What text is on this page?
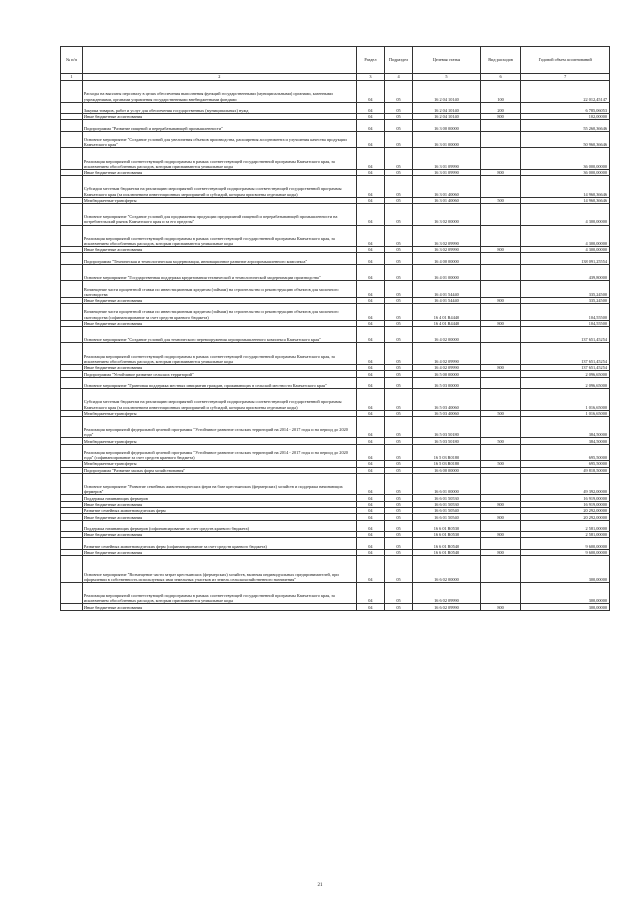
№ п/п		Раздел	Подраздел	Целевая статья	Вид расходов	Годовой объем ассигнований
1	2	3	4	5	6	7
	Расходы на выплаты персоналу в целях обеспечения выполнения функций государственными (муниципальными) органами, казенными учреждениями, органами управления государственными внебюджетными фондами	04	05	16 2 04 10140	100	22 012,45147
	Закупка товаров, работ и услуг для обеспечения государственных (муниципальных) нужд	04	05	16 2 04 10140	200	6 785,06053
	Иные бюджетные ассигнования	04	05	16 2 04 10140	800	102,00000
	Подпрограмма "Развитие пищевой и перерабатывающей промышленности"	04	05	16 3 00 00000		55 260,36646
	Основное мероприятие "Создание условий для увеличения объемов производства, расширения ассортимента и улучшения качества продукции Камчатского края"	04	05	16 3 01 00000		50 960,36646
	Реализация мероприятий соответствующей подпрограммы в рамках соответствующей государственной программы Камчатского края, за исключением обособленных расходов, которым присваиваются уникальные коды	04	05	16 3 01 09990		36 000,00000
	Иные бюджетные ассигнования	04	05	16 3 01 09990	800	36 000,00000
	Субсидии местным бюджетам на реализацию мероприятий соответствующей подпрограммы соответствующей государственной программы Камчатского края (за исключением инвестиционных мероприятий и субсидий, которым присвоены отдельные коды)	04	05	16 3 01 40060		14 960,36646
	Межбюджетные трансферты	04	05	16 3 01 40060	500	14 960,36646
	Основное мероприятие "Создание условий для продвижения продукции предприятий пищевой и перерабатывающей промышленности на потребительский рынок Камчатского края и за его пределы"	04	05	16 3 02 00000		4 300,00000
	Реализация мероприятий соответствующей подпрограммы в рамках соответствующей государственной программы Камчатского края, за исключением обособленных расходов, которым присваиваются уникальные коды	04	05	16 3 02 09990		4 300,00000
	Иные бюджетные ассигнования	04	05	16 3 02 09990	800	4 300,00000
	Подпрограмма "Техническая и технологическая модернизация, инновационное развитие агропромышленного комплекса"	04	05	16 4 00 00000		138 091,25554
	Основное мероприятие "Государственная поддержка кредитования технической и технологической модернизации производства"	04	05	16 4 01 00000		439,80000
	Возмещение части процентной ставки по инвестиционным кредитам (займам) на строительство и реконструкцию объектов для молочного скотоводства	04	05	16 4 01 54440		335,24500
	Иные бюджетные ассигнования	04	05	16 4 01 54440	800	335,24500
	Возмещение части процентной ставки по инвестиционным кредитам (займам) на строительство и реконструкцию объектов для молочного скотоводства (софинансирование за счет средств краевого бюджета)	04	05	16 4 01 R4440		104,55500
	Иные бюджетные ассигнования	04	05	16 4 01 R4440	800	104,55500
	Основное мероприятие "Создание условий для технического перевооружения агропромышленного комплекса Камчатского края"	04	05	16 4 02 00000		137 651,45254
	Реализация мероприятий соответствующей подпрограммы в рамках соответствующей государственной программы Камчатского края, за исключением обособленных расходов, которым присваиваются уникальные коды	04	05	16 4 02 09990		137 651,45254
	Иные бюджетные ассигнования	04	05	16 4 02 09990	800	137 651,45254
	Подпрограмма "Устойчивое развитие сельских территорий"	04	05	16 5 00 00000		2 096,65000
	Основное мероприятие "Грантовая поддержка местных инициатив граждан, проживающих в сельской местности Камчатского края"	04	05	16 5 03 00000		2 096,65000
	Субсидии местным бюджетам на реализацию мероприятий соответствующей подпрограммы соответствующей государственной программы Камчатского края (за исключением инвестиционных мероприятий и субсидий, которым присвоены отдельные коды)	04	05	16 5 03 40060		1 016,65000
	Межбюджетные трансферты	04	05	16 5 03 40060	500	1 016,65000
	Реализация мероприятий федеральной целевой программы "Устойчивое развитие сельских территорий на 2014 - 2017 годы и на период до 2020 года"	04	05	16 5 03 50180		384,50000
	Межбюджетные трансферты	04	05	16 5 03 50180	500	384,50000
	Реализация мероприятий федеральной целевой программы "Устойчивое развитие сельских территорий на 2014 - 2017 годы и на период до 2020 года" (софинансирование за счет средств краевого бюджета)	04	05	16 5 03 R0180		695,50000
	Межбюджетные трансферты	04	05	16 5 03 R0180	500	695,50000
	Подпрограмма "Развитие малых форм хозяйствования"	04	05	16 6 00 00000		49 818,50000
	Основное мероприятие "Развитие семейных животноводческих ферм на базе крестьянских (фермерских) хозяйств и поддержка начинающих фермеров"	04	05	16 6 01 00000		49 392,00000
	Поддержка начинающих фермеров	04	05	16 6 01 50530		16 919,00000
	Иные бюджетные ассигнования	04	05	16 6 01 50530	800	16 919,00000
	Развитие семейных животноводческих ферм	04	05	16 6 01 50540		20 292,00000
	Иные бюджетные ассигнования	04	05	16 6 01 50540	800	20 292,00000
	Поддержка начинающих фермеров (софинансирование за счет средств краевого бюджета)	04	05	16 6 01 R0530		2 581,00000
	Иные бюджетные ассигнования	04	05	16 6 01 R0530	800	2 581,00000
	Развитие семейных животноводческих ферм (софинансирование за счет средств краевого бюджета)	04	05	16 6 01 R0540		9 600,00000
	Иные бюджетные ассигнования	04	05	16 6 01 R0540	800	9 600,00000
	Основное мероприятие "Возмещение части затрат крестьянских (фермерских) хозяйств, включая индивидуальных предпринимателей, при оформлении в собственность используемых ими земельных участков из земель сельскохозяйственного назначения"	04	05	16 6 02 00000		300,00000
	Реализация мероприятий соответствующей подпрограммы в рамках соответствующей государственной программы Камчатского края, за исключением обособленных расходов, которым присваиваются уникальные коды	04	05	16 6 02 09990		300,00000
	Иные бюджетные ассигнования	04	05	16 6 02 09990	800	300,00000
21
